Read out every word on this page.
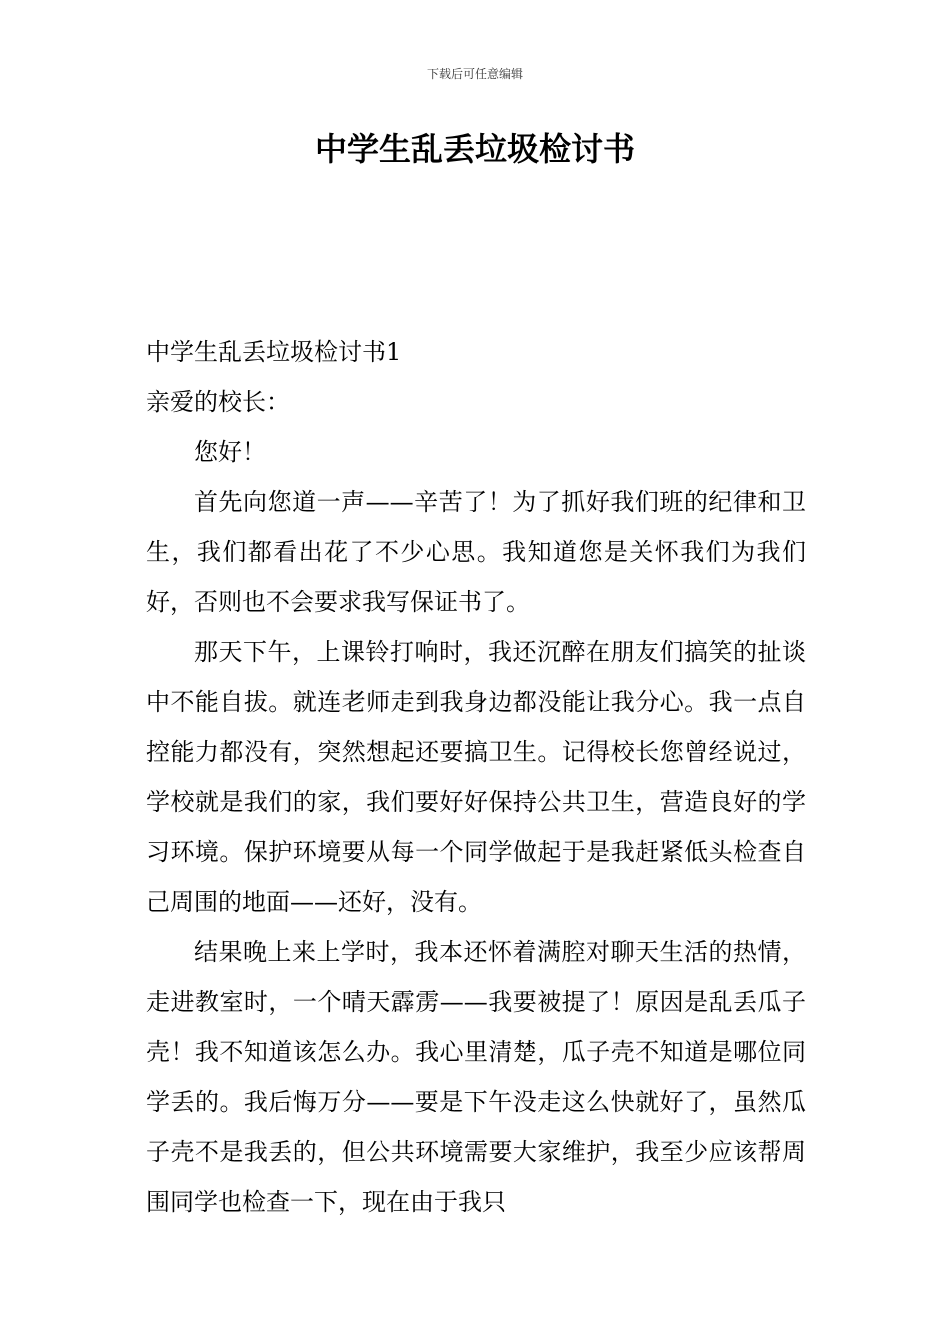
下载后可任意编辑
中学生乱丢垃圾检讨书

中学生乱丢垃圾检讨书1

亲爱的校长：

您好！

首先向您道一声——辛苦了！为了抓好我们班的纪律和卫生，我们都看出花了不少心思。我知道您是关怀我们为我们好，否则也不会要求我写保证书了。

那天下午，上课铃打响时，我还沉醉在朋友们搞笑的扯谈中不能自拔。就连老师走到我身边都没能让我分心。我一点自控能力都没有，突然想起还要搞卫生。记得校长您曾经说过，学校就是我们的家，我们要好好保持公共卫生，营造良好的学习环境。保护环境要从每一个同学做起于是我赶紧低头检查自己周围的地面——还好，没有。

结果晚上来上学时，我本还怀着满腔对聊天生活的热情，走进教室时，一个晴天霹雳——我要被提了！原因是乱丢瓜子壳！我不知道该怎么办。我心里清楚，瓜子壳不知道是哪位同学丢的。我后悔万分——要是下午没走这么快就好了，虽然瓜子壳不是我丢的，但公共环境需要大家维护，我至少应该帮周围同学也检查一下，现在由于我只
